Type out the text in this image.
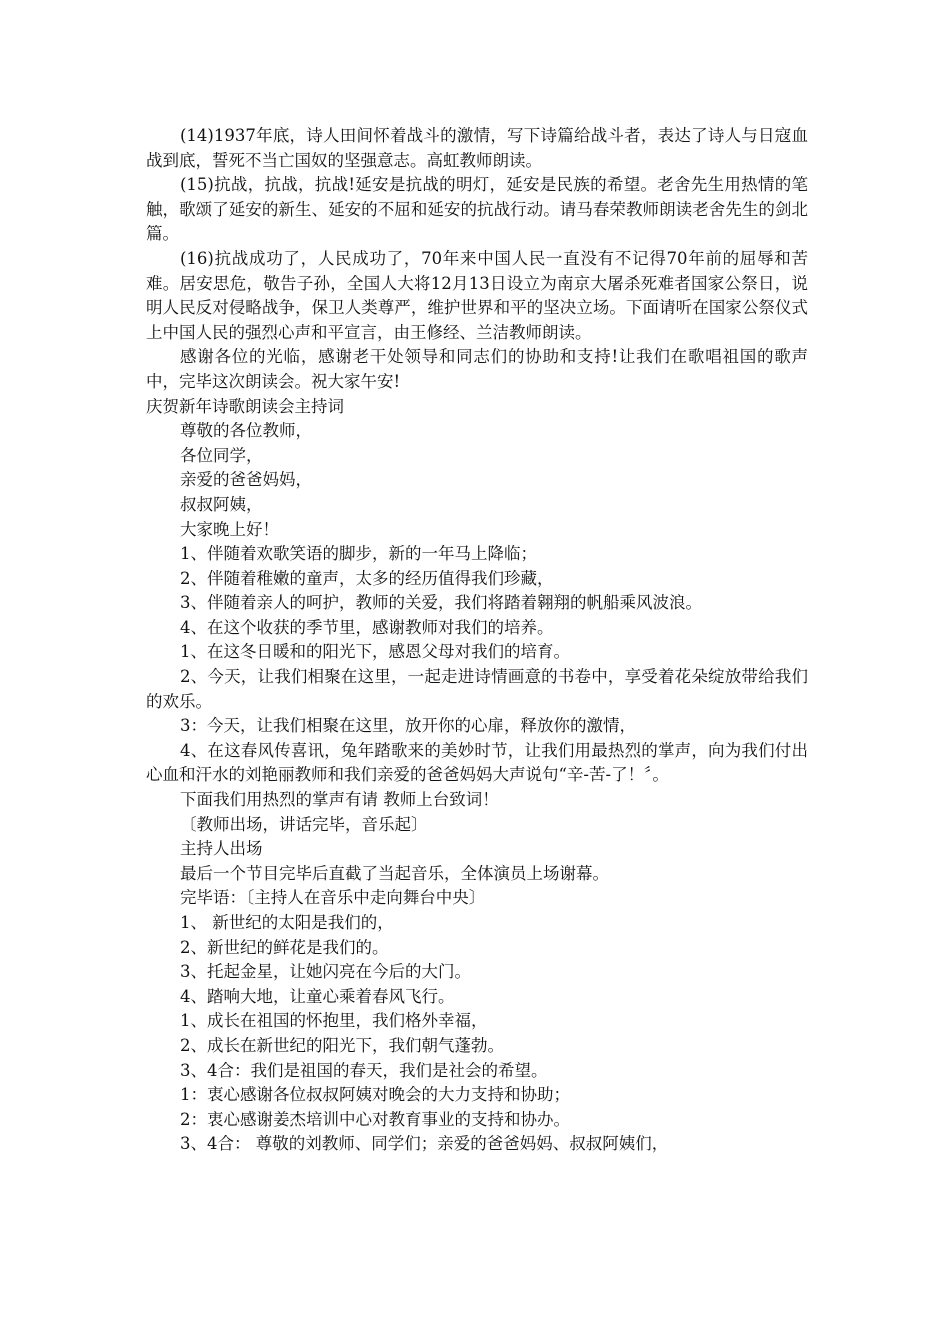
(14)1937年底，诗人田间怀着战斗的激情，写下诗篇给战斗者，表达了诗人与日寇血战到底，誓死不当亡国奴的坚强意志。高虹教师朗读。

(15)抗战，抗战，抗战!延安是抗战的明灯，延安是民族的希望。老舍先生用热情的笔触，歌颂了延安的新生、延安的不屈和延安的抗战行动。请马春荣教师朗读老舍先生的剑北篇。

(16)抗战成功了，人民成功了，70年来中国人民一直没有不记得70年前的屈辱和苦难。居安思危，敬告子孙，全国人大将12月13日设立为南京大屠杀死难者国家公祭日，说明人民反对侵略战争，保卫人类尊严，维护世界和平的坚决立场。下面请听在国家公祭仪式上中国人民的强烈心声和平宣言，由王修经、兰洁教师朗读。

感谢各位的光临，感谢老干处领导和同志们的协助和支持!让我们在歌唱祖国的歌声中，完毕这次朗读会。祝大家午安!

庆贺新年诗歌朗读会主持词

尊敬的各位教师，

各位同学，

亲爱的爸爸妈妈，

叔叔阿姨，

大家晚上好！

1、伴随着欢歌笑语的脚步，新的一年马上降临；

2、伴随着稚嫩的童声，太多的经历值得我们珍藏，

3、伴随着亲人的呵护，教师的关爱，我们将踏着翱翔的帆船乘风波浪。

4、在这个收获的季节里，感谢教师对我们的培养。

1、在这冬日暖和的阳光下，感恩父母对我们的培育。

2、今天，让我们相聚在这里，一起走进诗情画意的书卷中，享受着花朵绽放带给我们的欢乐。

3：今天，让我们相聚在这里，放开你的心扉，释放你的激情，

4、在这春风传喜讯，兔年踏歌来的美妙时节，让我们用最热烈的掌声，向为我们付出心血和汗水的刘艳丽教师和我们亲爱的爸爸妈妈大声说句“辛-苦-了！〞。

下面我们用热烈的掌声有请 教师上台致词！

〔教师出场，讲话完毕，音乐起〕

主持人出场

最后一个节目完毕后直截了当起音乐，全体演员上场谢幕。

完毕语：〔主持人在音乐中走向舞台中央〕

1、 新世纪的太阳是我们的，

2、新世纪的鲜花是我们的。

3、托起金星，让她闪亮在今后的大门。

4、踏响大地，让童心乘着春风飞行。

1、成长在祖国的怀抱里，我们格外幸福，

2、成长在新世纪的阳光下，我们朝气蓬勃。

3、4合：我们是祖国的春天，我们是社会的希望。

1：衷心感谢各位叔叔阿姨对晚会的大力支持和协助；

2：衷心感谢姜杰培训中心对教育事业的支持和协办。

3、4合： 尊敬的刘教师、同学们；亲爱的爸爸妈妈、叔叔阿姨们，
